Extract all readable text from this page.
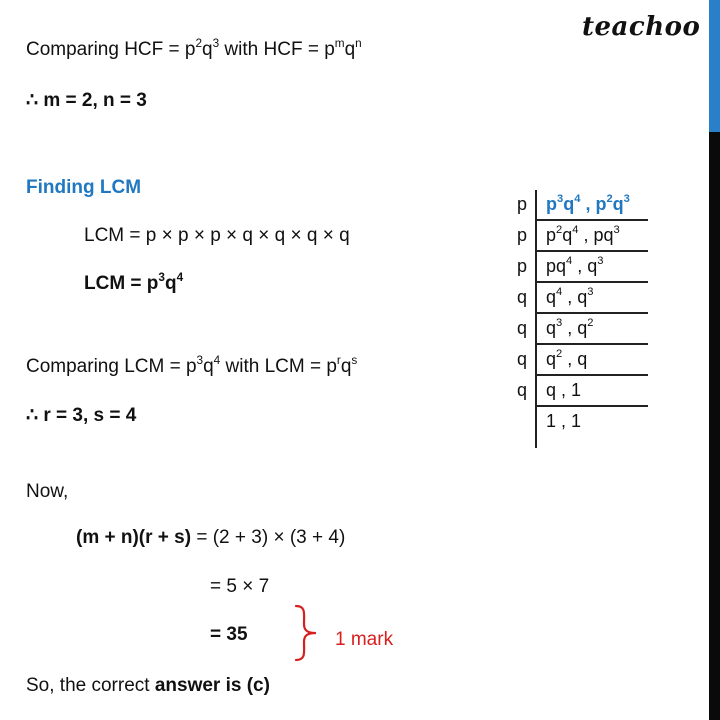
teachoo
Comparing HCF = $p^2q^3$ with HCF = $p^mq^n$
∴ m = 2, n = 3
Finding LCM
LCM = p × p × p × q × q × q × q
LCM = $p^3q^4$
Comparing LCM = $p^3q^4$ with LCM = $p^rq^s$
∴ r = 3, s = 4
p	$p^3q^4$ , $p^2q^3$
p	$p^2q^4$ , $pq^3$
p	$pq^4$ , $q^3$
q	$q^4$ , $q^3$
q	$q^3$ , $q^2$
q	$q^2$ , q
q	q , 1
1 , 1
Now,
(m + n)(r + s) = (2 + 3) × (3 + 4)
= 5 × 7
= 35	1 mark
So, the correct answer is (c)
